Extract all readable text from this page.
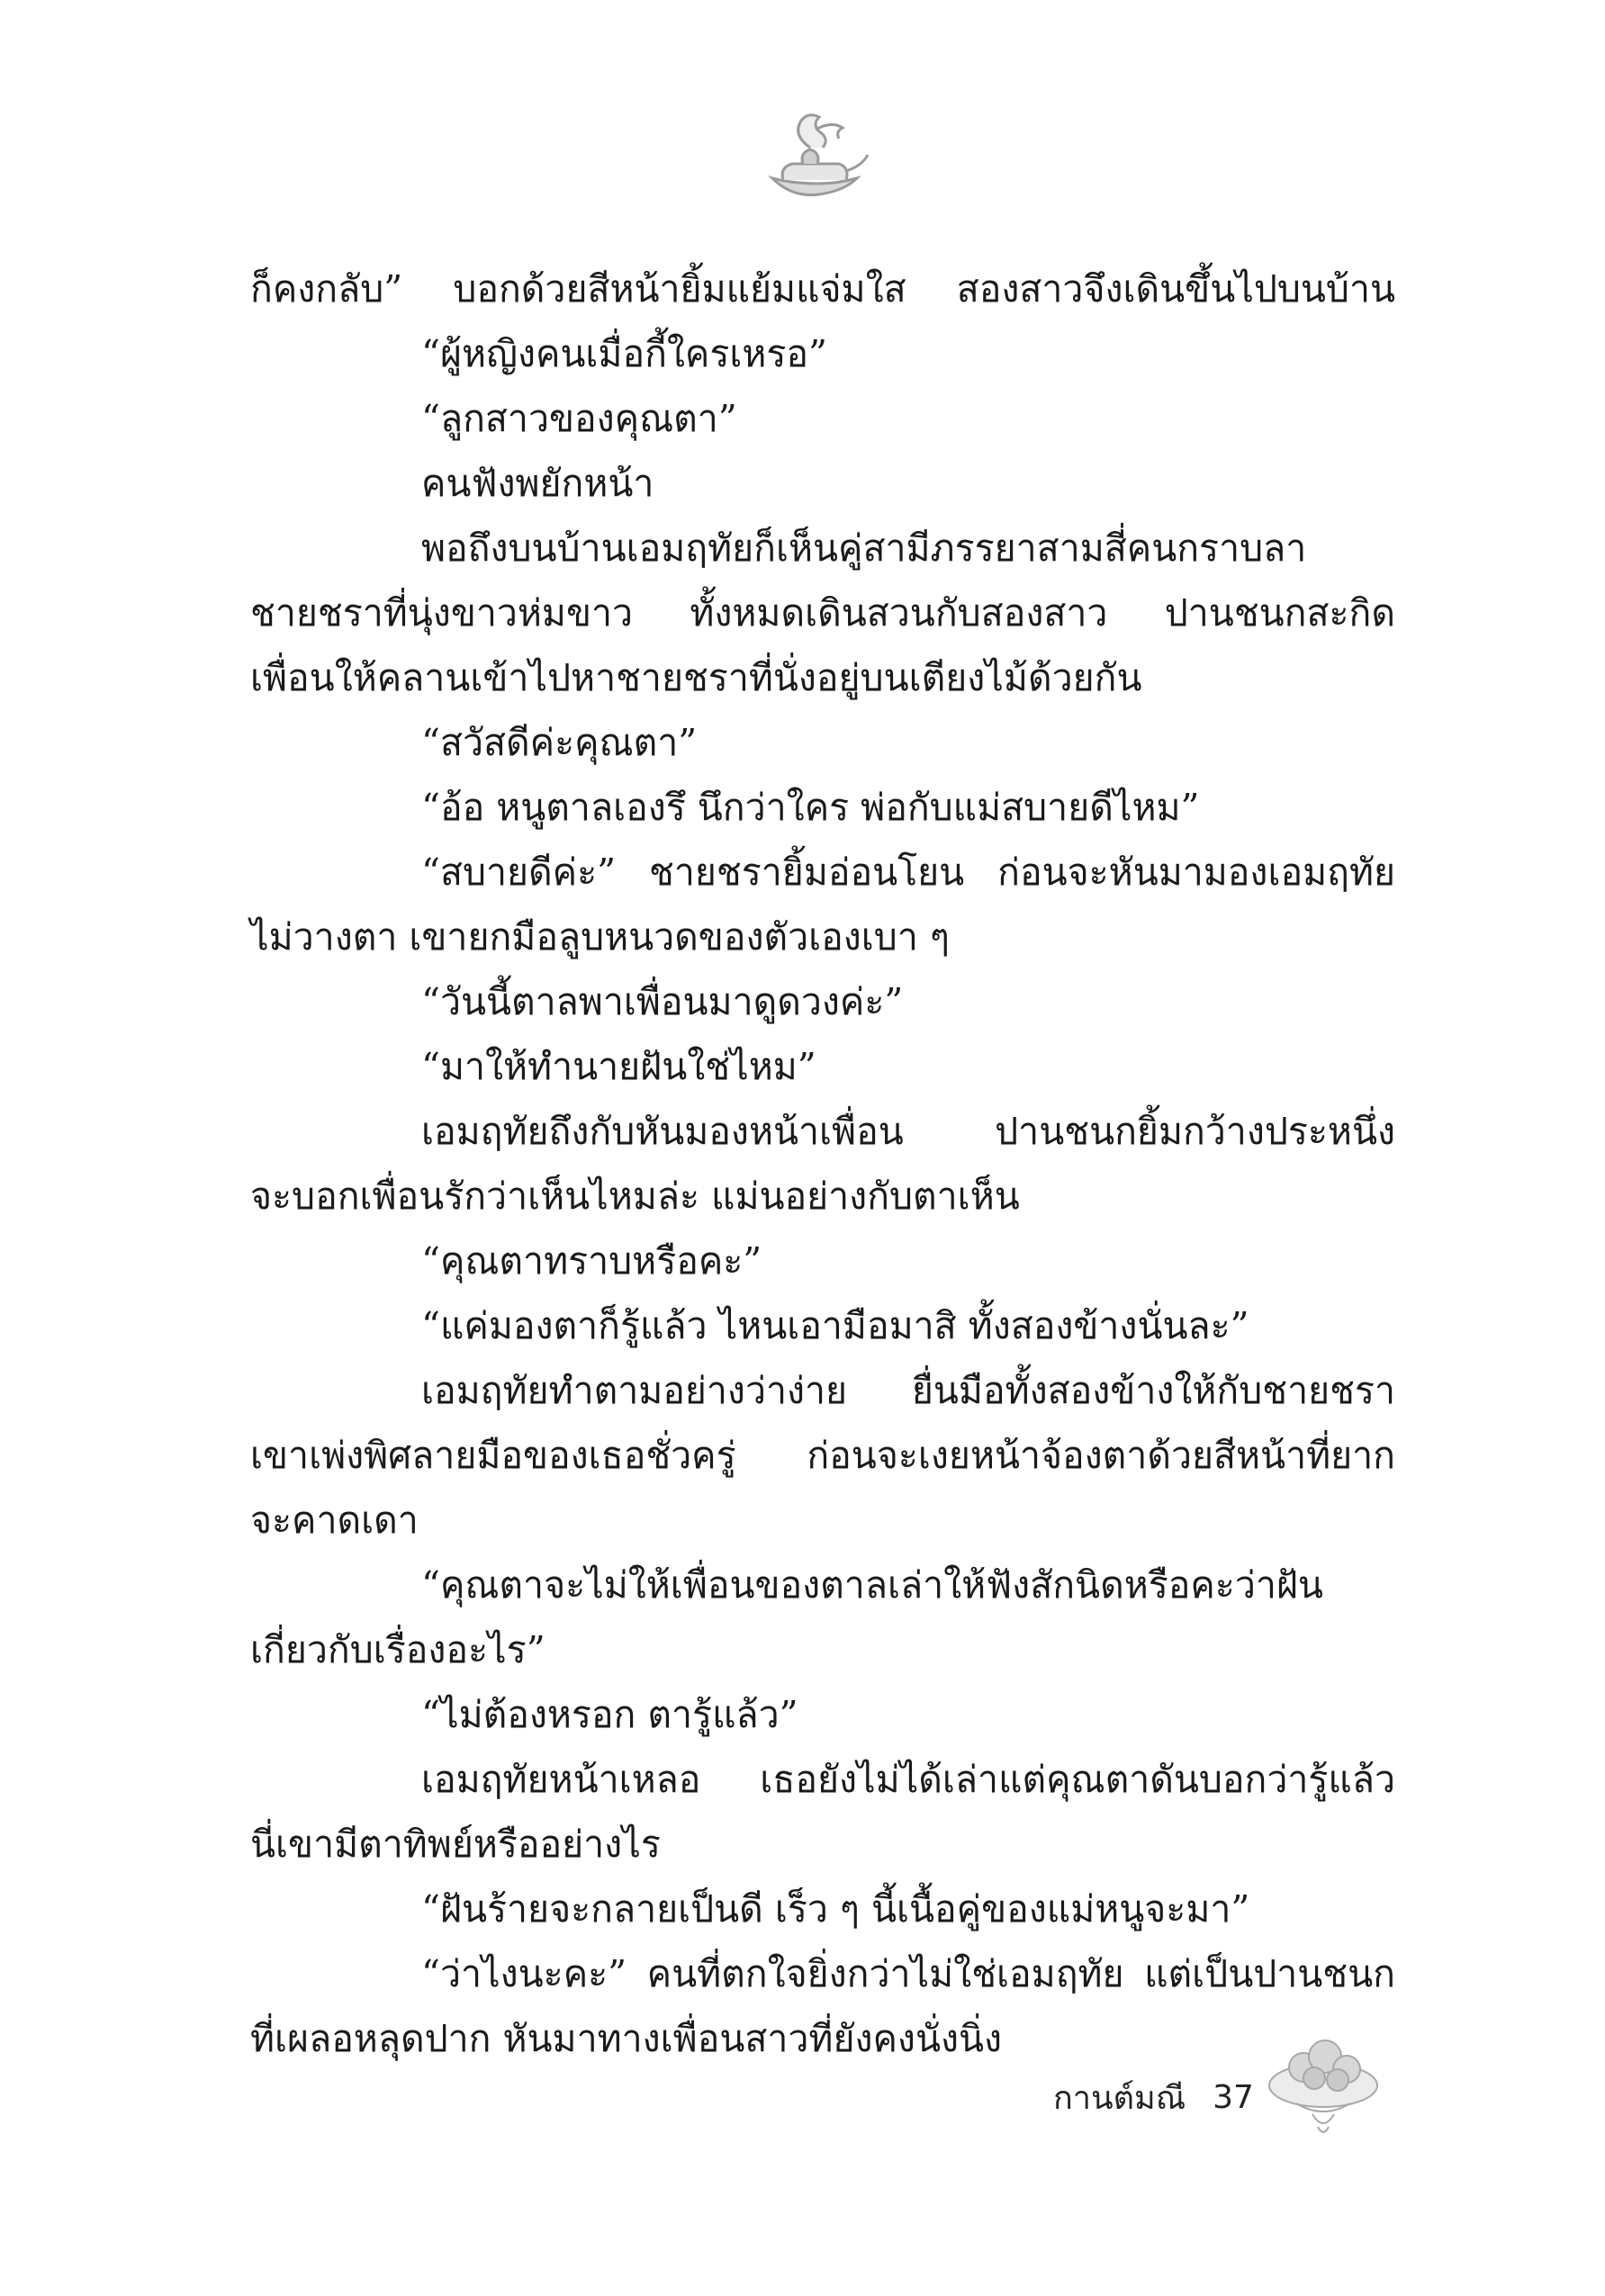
ก็คงกลับ” บอกด้วยสีหน้ายิ้มแย้มแจ่มใส สองสาวจึงเดินขึ้นไปบนบ้าน
“ผู้หญิงคนเมื่อกี้ใครเหรอ”
“ลูกสาวของคุณตา”
คนฟังพยักหน้า
พอถึงบนบ้านเอมฤทัยก็เห็นคู่สามีภรรยาสามสี่คนกราบลา
ชายชราที่นุ่งขาวห่มขาว ทั้งหมดเดินสวนกับสองสาว ปานชนกสะกิด
เพื่อนให้คลานเข้าไปหาชายชราที่นั่งอยู่บนเตียงไม้ด้วยกัน
“สวัสดีค่ะคุณตา”
“อ้อ หนูตาลเองรึ นึกว่าใคร พ่อกับแม่สบายดีไหม”
“สบายดีค่ะ” ชายชรายิ้มอ่อนโยน ก่อนจะหันมามองเอมฤทัย
ไม่วางตา เขายกมือลูบหนวดของตัวเองเบา ๆ
“วันนี้ตาลพาเพื่อนมาดูดวงค่ะ”
“มาให้ทำนายฝันใช่ไหม”
เอมฤทัยถึงกับหันมองหน้าเพื่อน ปานชนกยิ้มกว้างประหนึ่ง
จะบอกเพื่อนรักว่าเห็นไหมล่ะ แม่นอย่างกับตาเห็น
“คุณตาทราบหรือคะ”
“แค่มองตาก็รู้แล้ว ไหนเอามือมาสิ ทั้งสองข้างนั่นละ”
เอมฤทัยทำตามอย่างว่าง่าย ยื่นมือทั้งสองข้างให้กับชายชรา
เขาเพ่งพิศลายมือของเธอชั่วครู่ ก่อนจะเงยหน้าจ้องตาด้วยสีหน้าที่ยาก
จะคาดเดา
“คุณตาจะไม่ให้เพื่อนของตาลเล่าให้ฟังสักนิดหรือคะว่าฝัน
เกี่ยวกับเรื่องอะไร”
“ไม่ต้องหรอก ตารู้แล้ว”
เอมฤทัยหน้าเหลอ เธอยังไม่ได้เล่าแต่คุณตาดันบอกว่ารู้แล้ว
นี่เขามีตาทิพย์หรืออย่างไร
“ฝันร้ายจะกลายเป็นดี เร็ว ๆ นี้เนื้อคู่ของแม่หนูจะมา”
“ว่าไงนะคะ” คนที่ตกใจยิ่งกว่าไม่ใช่เอมฤทัย แต่เป็นปานชนก
ที่เผลอหลุดปาก หันมาทางเพื่อนสาวที่ยังคงนั่งนิ่ง
กานต์มณี 37
